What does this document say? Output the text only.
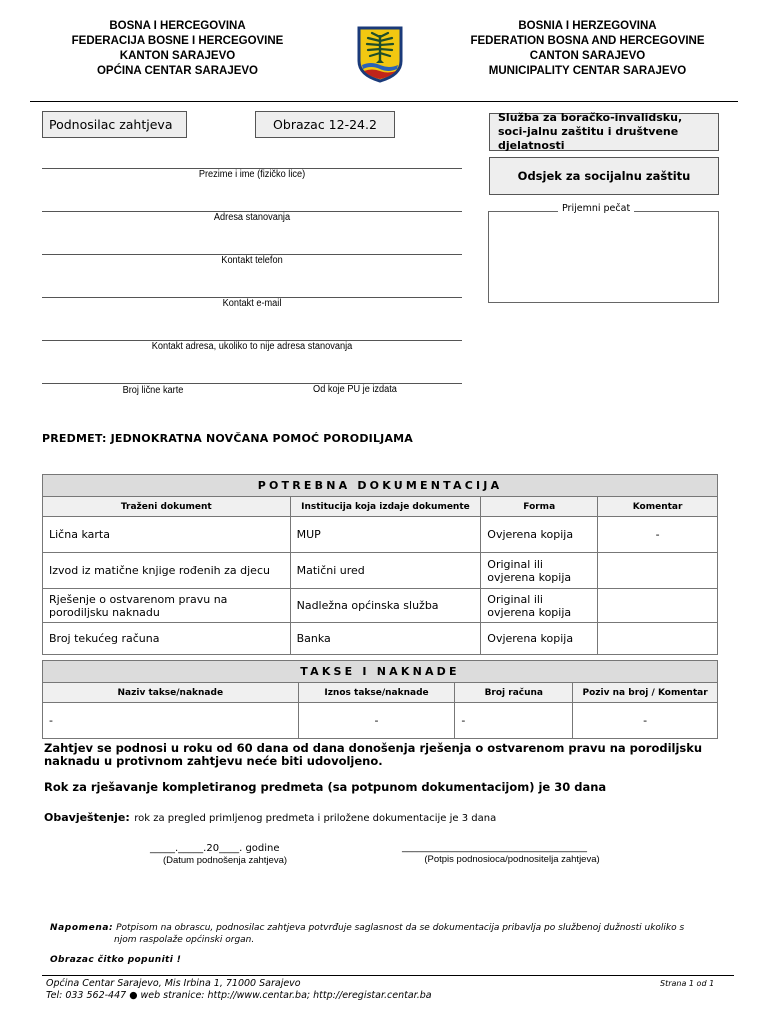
BOSNA I HERCEGOVINA
FEDERACIJA BOSNE I HERCEGOVINE
KANTON SARAJEVO
OPĆINA CENTAR SARAJEVO
BOSNIA I HERZEGOVINA
FEDERATION BOSNA AND HERCEGOVINE
CANTON SARAJEVO
MUNICIPALITY CENTAR SARAJEVO
Podnosilac zahtjeva	Obrazac 12-24.2	Služba za boračko-invalidsku, soci-jalnu zaštitu i društvene djelatnosti
Odsjek za socijalnu zaštitu
Prijemni pečat
Prezime i ime (fizičko lice)
Adresa stanovanja
Kontakt telefon
Kontakt e-mail
Kontakt adresa, ukoliko to nije adresa stanovanja
Broj lične karte	Od koje PU je izdata
PREDMET: JEDNOKRATNA NOVČANA POMOĆ PORODILJAMA
POTREBNA DOKUMENTACIJA			
Traženi dokument	Institucija koja izdaje dokumente	Forma	Komentar
Lična karta	MUP	Ovjerena kopija	-
Izvod iz matične knjige rođenih za djecu	Matični ured	Original ili ovjerena kopija	
Rješenje o ostvarenom pravu na porodiljsku naknadu	Nadležna općinska služba	Original ili ovjerena kopija	
Broj tekućeg računa	Banka	Ovjerena kopija	
TAKSE I NAKNADE			
Naziv takse/naknade	Iznos takse/naknade	Broj računa	Poziv na broj / Komentar
-	-	-	-
Zahtjev se podnosi u roku od 60 dana od dana donošenja rješenja o ostvarenom pravu na porodiljsku naknadu u protivnom zahtjevu neće biti udovoljeno.
Rok za rješavanje kompletiranog predmeta (sa potpunom dokumentacijom) je 30 dana
Obavještenje: rok za pregled primljenog predmeta i priložene dokumentacije je 3 dana
_____._____.20____. godine
(Datum podnošenja zahtjeva)
_____________________________________
(Potpis podnosioca/podnositelja zahtjeva)
Napomena: Potpisom na obrascu, podnosilac zahtjeva potvrđuje saglasnost da se dokumentacija pribavlja po službenoj dužnosti ukoliko s
njom raspolaže općinski organ.
Obrazac čitko popuniti !
Općina Centar Sarajevo, Mis Irbina 1, 71000 Sarajevo
Tel: 033 562-447 ● web stranice: http://www.centar.ba; http://eregistar.centar.ba
Strana 1 od 1
